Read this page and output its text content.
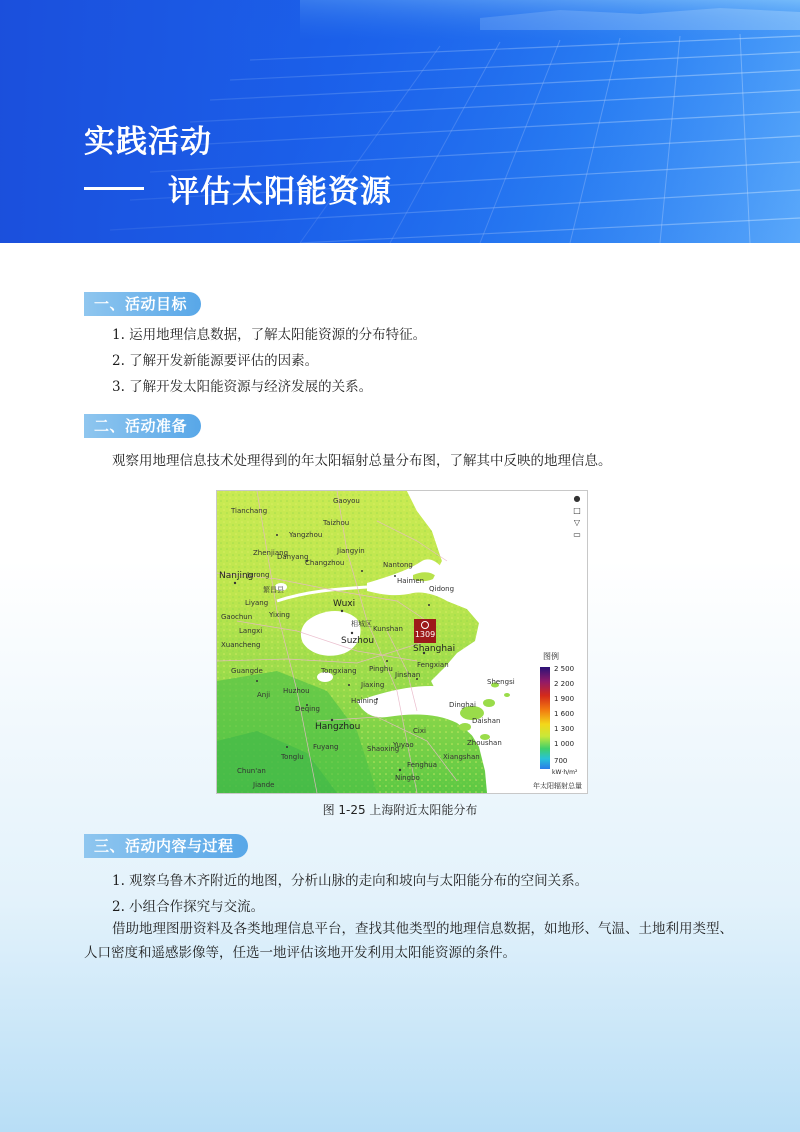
实践活动
评估太阳能资源
一、活动目标
1. 运用地理信息数据，了解太阳能资源的分布特征。
2. 了解开发新能源要评估的因素。
3. 了解开发太阳能资源与经济发展的关系。
二、活动准备

观察用地理信息技术处理得到的年太阳辐射总量分布图，了解其中反映的地理信息。

Nanjing
Wuxi
Suzhou
Shanghai
Hangzhou
Ningbo
Shengsi
Daishan
Zhoushan
Jiaxing
Changzhou
Haimen
Nantong
Yangzhou
Taizhou
Huzhou
Shaoxing
Qidong
Fengxian
Jinshan
Pinghu
Haining
Yixing
Liyang
Jiangyin
Kunshan
Tongxiang
Deqing
Anji
Cixi
Yuyao
Fenghua
Xiangshan
Dinghai
相城区
繁昌县
Tianchang
Gaoyou
Jurong
Danyang
Zhenjiang
Chun'an
Jiande
Tonglu
Fuyang
Guangde
Xuancheng
Langxi
Gaochun
1309
●
□
▽
▭
图例
2 500
2 200
1 900
1 600
1 300
1 000
700
kW·h/m²
年太阳辐射总量
图 1-25 上海附近太阳能分布
三、活动内容与过程
1. 观察乌鲁木齐附近的地图，分析山脉的走向和坡向与太阳能分布的空间关系。
2. 小组合作探究与交流。

借助地理图册资料及各类地理信息平台，查找其他类型的地理信息数据，如地形、气温、土地利用类型、

人口密度和遥感影像等，任选一地评估该地开发利用太阳能资源的条件。
